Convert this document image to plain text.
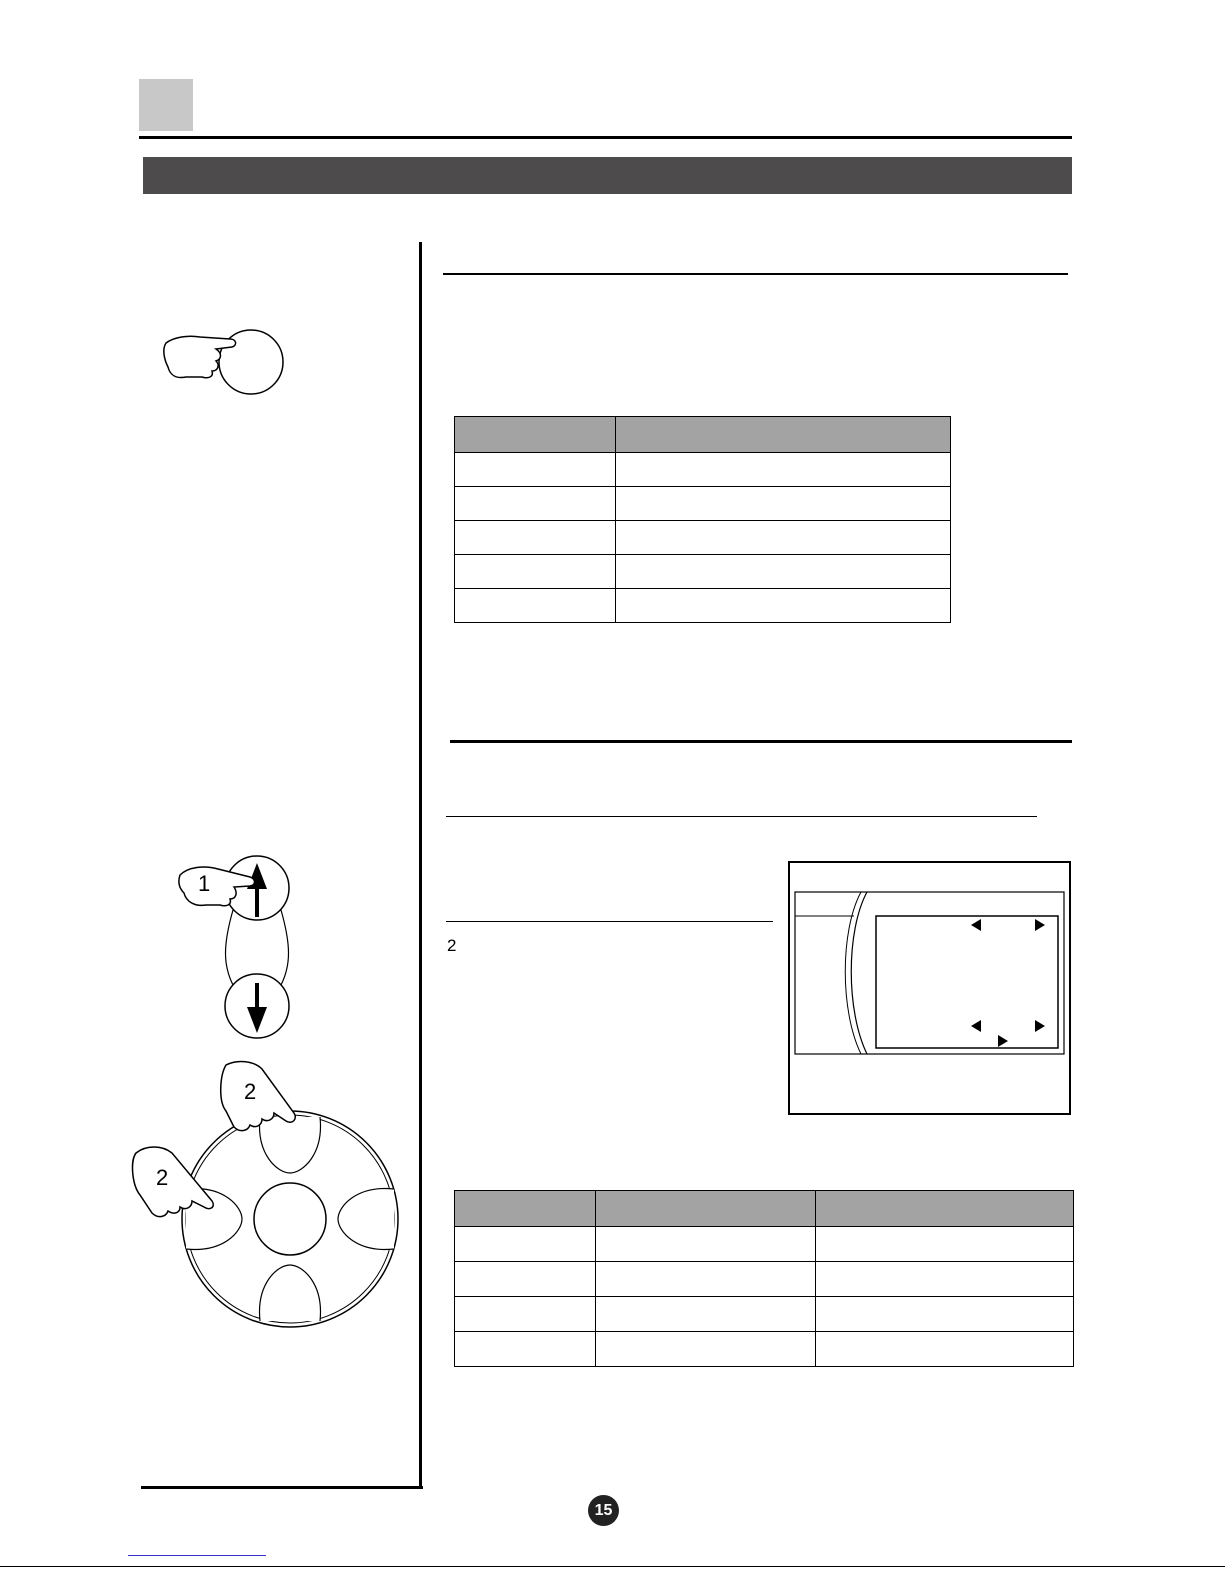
2
1
2
2

15
